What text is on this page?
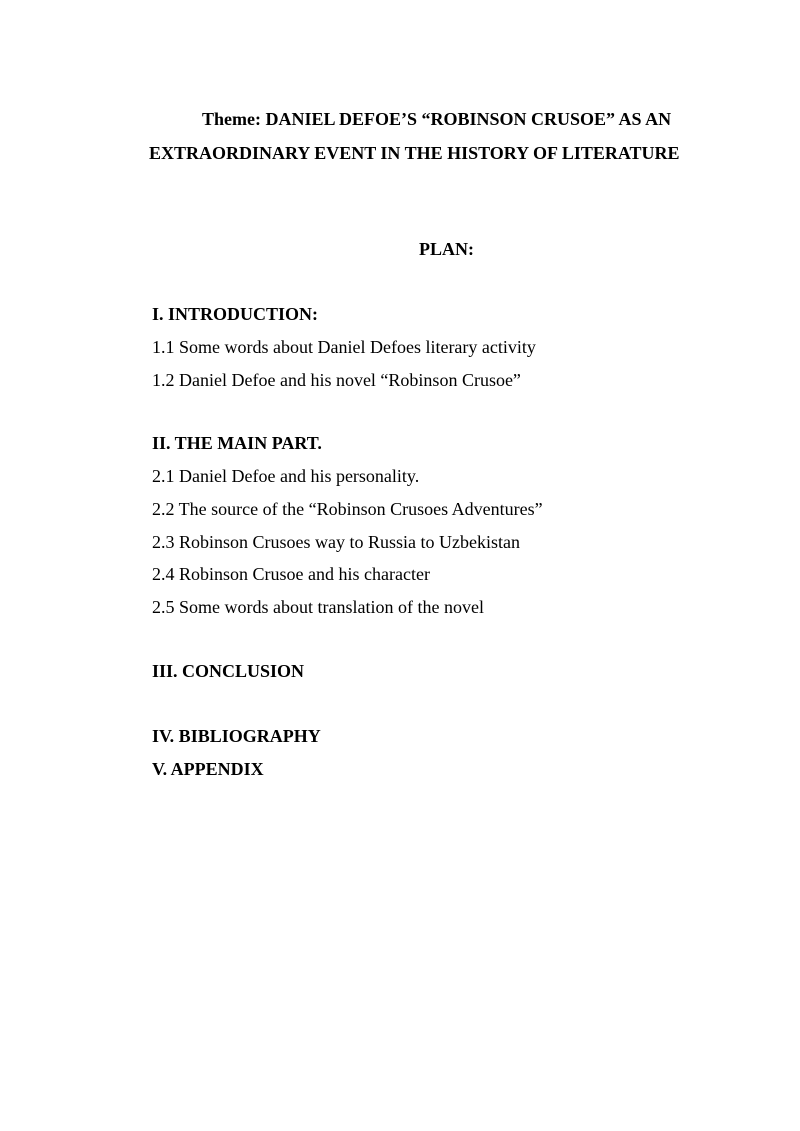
Theme: DANIEL DEFOE’S “ROBINSON CRUSOE” AS AN
EXTRAORDINARY EVENT IN THE HISTORY OF LITERATURE
PLAN:
I. INTRODUCTION:
1.1 Some words about Daniel Defoes literary activity
1.2 Daniel Defoe and his novel “Robinson Crusoe”
II. THE MAIN PART.
2.1 Daniel Defoe and his personality.
2.2 The source of the “Robinson Crusoes Adventures”
2.3 Robinson Crusoes way to Russia to Uzbekistan
2.4 Robinson Crusoe and his character
2.5 Some words about translation of the novel
III. CONCLUSION
IV. BIBLIOGRAPHY
V. APPENDIX
